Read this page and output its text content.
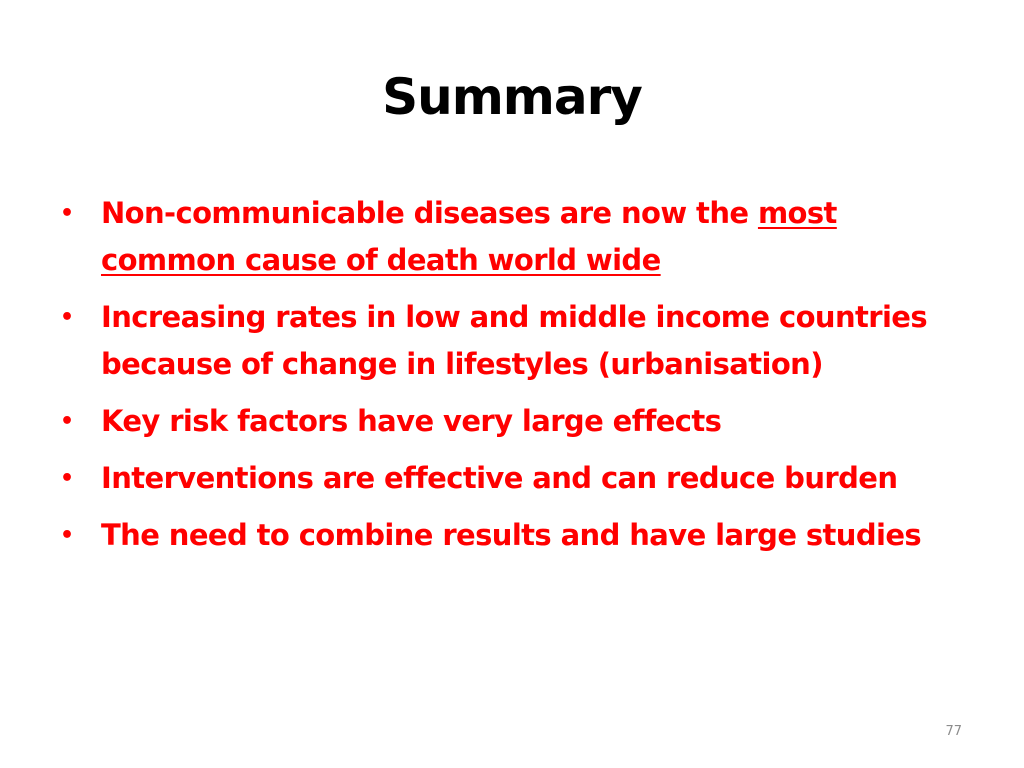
Summary
• Non-communicable diseases are now the most common cause of death world wide
• Increasing rates in low and middle income countries because of change in lifestyles (urbanisation)
• Key risk factors have very large effects
• Interventions are effective and can reduce burden
• The need to combine results and have large studies
77
